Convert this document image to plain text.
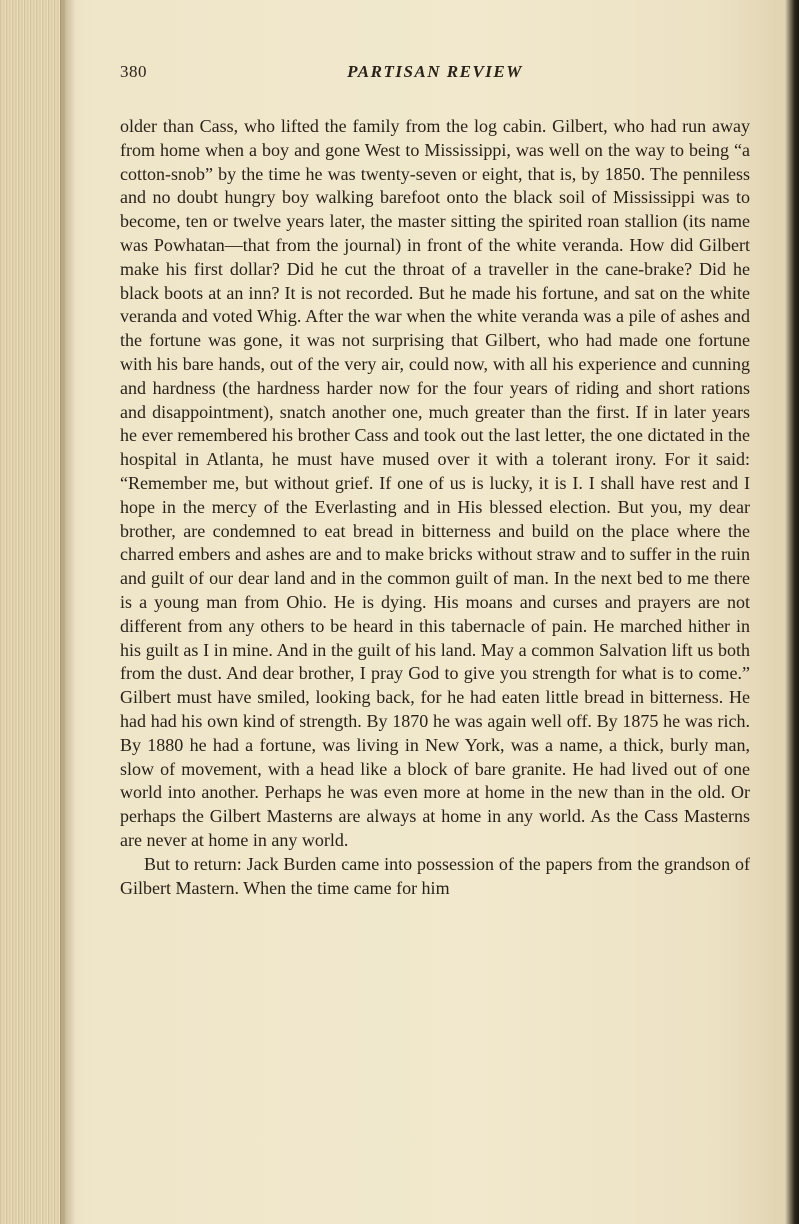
380	PARTISAN REVIEW

older than Cass, who lifted the family from the log cabin. Gilbert, who had run away from home when a boy and gone West to Mississippi, was well on the way to being “a cotton-snob” by the time he was twenty-seven or eight, that is, by 1850. The penniless and no doubt hungry boy walking barefoot onto the black soil of Mississippi was to become, ten or twelve years later, the master sitting the spirited roan stallion (its name was Powhatan—that from the journal) in front of the white veranda. How did Gilbert make his first dollar? Did he cut the throat of a traveller in the cane-brake? Did he black boots at an inn? It is not recorded. But he made his fortune, and sat on the white veranda and voted Whig. After the war when the white veranda was a pile of ashes and the fortune was gone, it was not surprising that Gilbert, who had made one fortune with his bare hands, out of the very air, could now, with all his experience and cunning and hardness (the hardness harder now for the four years of riding and short rations and disappointment), snatch another one, much greater than the first. If in later years he ever remembered his brother Cass and took out the last letter, the one dictated in the hospital in Atlanta, he must have mused over it with a tolerant irony. For it said: “Remember me, but without grief. If one of us is lucky, it is I. I shall have rest and I hope in the mercy of the Everlasting and in His blessed election. But you, my dear brother, are condemned to eat bread in bitterness and build on the place where the charred embers and ashes are and to make bricks without straw and to suffer in the ruin and guilt of our dear land and in the common guilt of man. In the next bed to me there is a young man from Ohio. He is dying. His moans and curses and prayers are not different from any others to be heard in this tabernacle of pain. He marched hither in his guilt as I in mine. And in the guilt of his land. May a common Salvation lift us both from the dust. And dear brother, I pray God to give you strength for what is to come.” Gilbert must have smiled, looking back, for he had eaten little bread in bitterness. He had had his own kind of strength. By 1870 he was again well off. By 1875 he was rich. By 1880 he had a fortune, was living in New York, was a name, a thick, burly man, slow of movement, with a head like a block of bare granite. He had lived out of one world into another. Perhaps he was even more at home in the new than in the old. Or perhaps the Gilbert Masterns are always at home in any world. As the Cass Masterns are never at home in any world.

But to return: Jack Burden came into possession of the papers from the grandson of Gilbert Mastern. When the time came for him
